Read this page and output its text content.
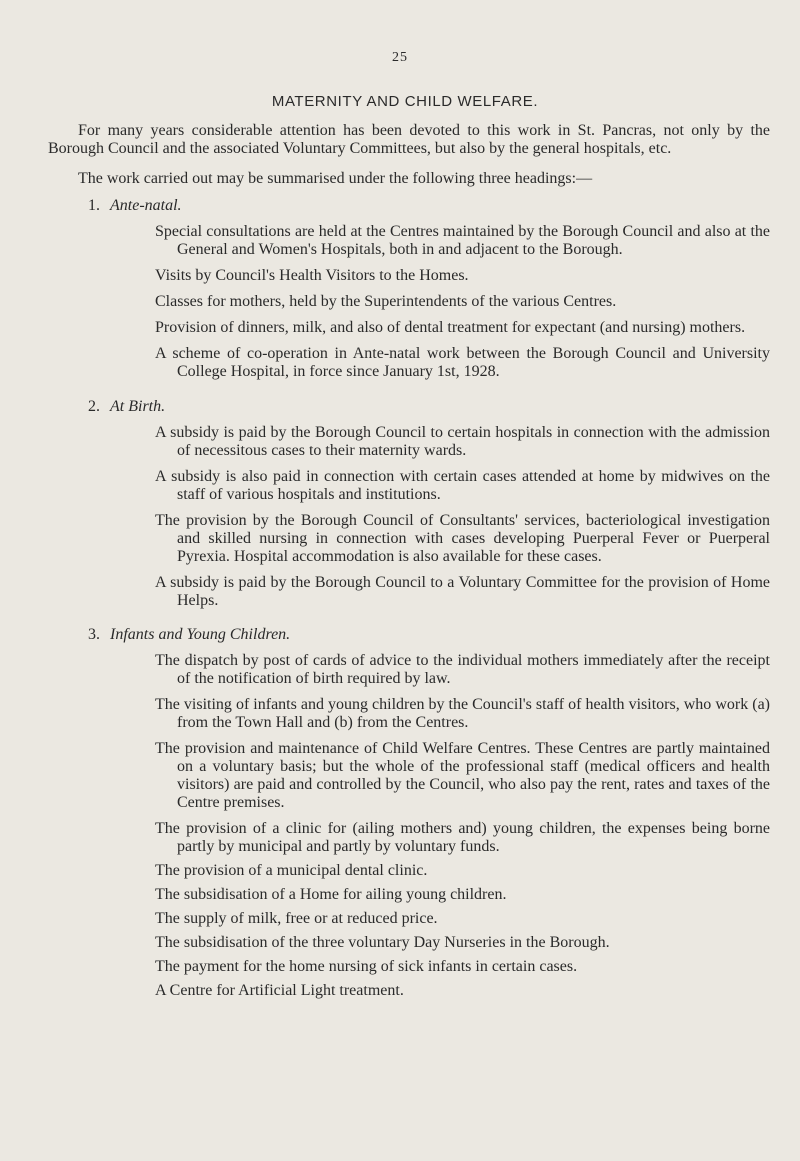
25
MATERNITY AND CHILD WELFARE.

For many years considerable attention has been devoted to this work in St. Pancras, not only by the Borough Council and the associated Voluntary Committees, but also by the general hospitals, etc.

The work carried out may be summarised under the following three headings:—

1. Ante-natal.
Special consultations are held at the Centres maintained by the Borough Council and also at the General and Women's Hospitals, both in and adjacent to the Borough.
Visits by Council's Health Visitors to the Homes.
Classes for mothers, held by the Superintendents of the various Centres.
Provision of dinners, milk, and also of dental treatment for expectant (and nursing) mothers.
A scheme of co-operation in Ante-natal work between the Borough Council and University College Hospital, in force since January 1st, 1928.
2. At Birth.
A subsidy is paid by the Borough Council to certain hospitals in connection with the admission of necessitous cases to their maternity wards.
A subsidy is also paid in connection with certain cases attended at home by midwives on the staff of various hospitals and institutions.
The provision by the Borough Council of Consultants' services, bacteriological investigation and skilled nursing in connection with cases developing Puerperal Fever or Puerperal Pyrexia. Hospital accommodation is also available for these cases.
A subsidy is paid by the Borough Council to a Voluntary Committee for the provision of Home Helps.
3. Infants and Young Children.
The dispatch by post of cards of advice to the individual mothers immediately after the receipt of the notification of birth required by law.
The visiting of infants and young children by the Council's staff of health visitors, who work (a) from the Town Hall and (b) from the Centres.
The provision and maintenance of Child Welfare Centres. These Centres are partly maintained on a voluntary basis; but the whole of the professional staff (medical officers and health visitors) are paid and controlled by the Council, who also pay the rent, rates and taxes of the Centre premises.
The provision of a clinic for (ailing mothers and) young children, the expenses being borne partly by municipal and partly by voluntary funds.
The provision of a municipal dental clinic.
The subsidisation of a Home for ailing young children.
The supply of milk, free or at reduced price.
The subsidisation of the three voluntary Day Nurseries in the Borough.
The payment for the home nursing of sick infants in certain cases.
A Centre for Artificial Light treatment.
